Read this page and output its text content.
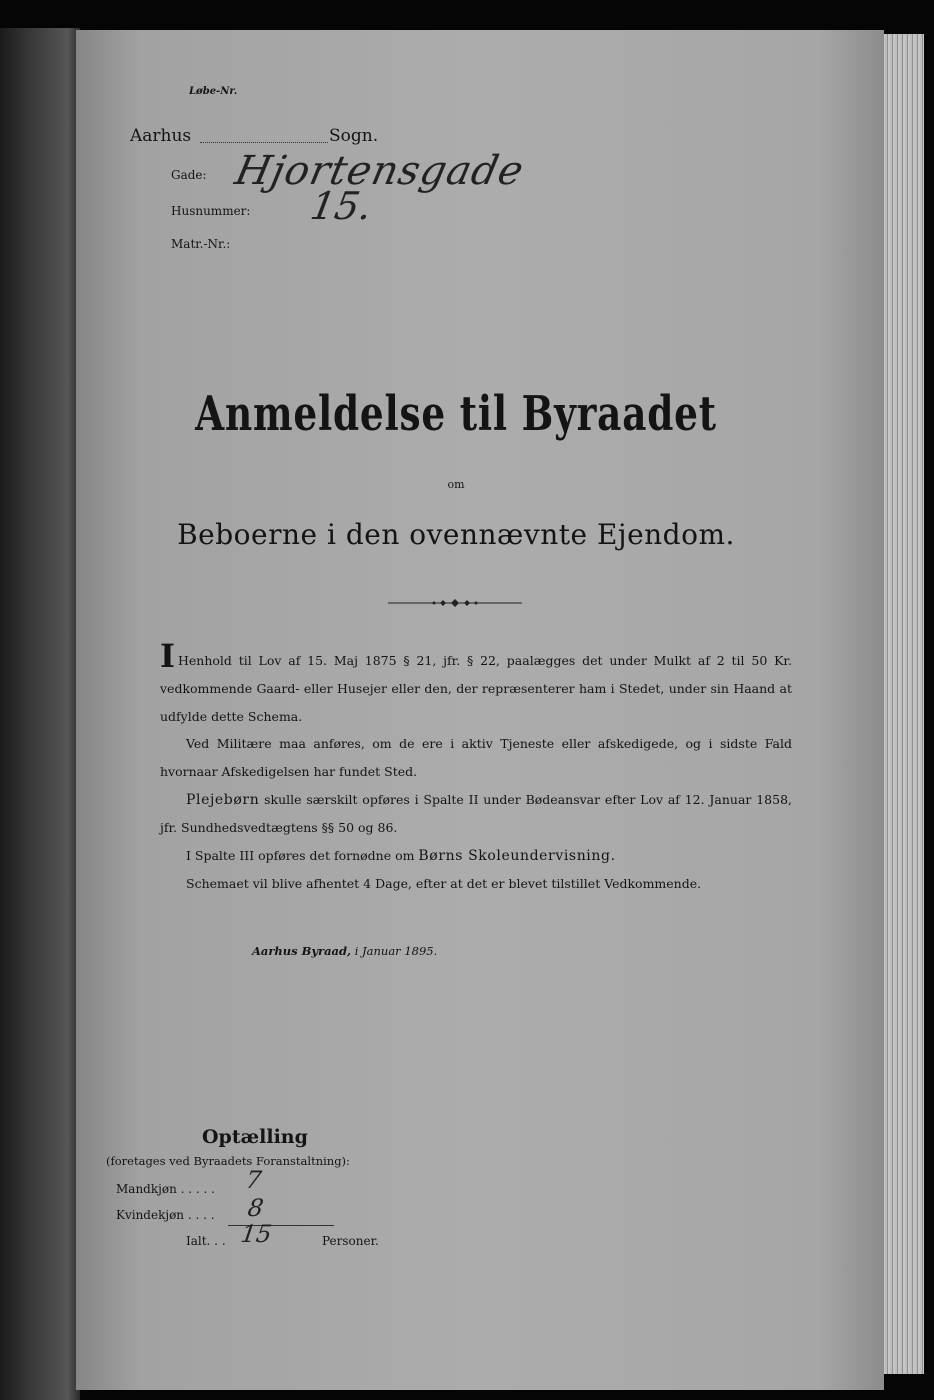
Løbe-Nr.
Aarhus	Sogn.
Gade: Hjortensgade
Husnummer: 15.
Matr.-Nr.:
Anmeldelse til Byraadet
om
Beboerne i den ovennævnte Ejendom.
I Henhold til Lov af 15. Maj 1875 § 21, jfr. § 22, paalægges det under Mulkt af 2 til 50 Kr. vedkommende Gaard- eller Husejer eller den, der repræsenterer ham i Stedet, under sin Haand at udfylde dette Schema.
Ved Militære maa anføres, om de ere i aktiv Tjeneste eller afskedigede, og i sidste Fald hvornaar Afskedigelsen har fundet Sted.
Plejebørn skulle særskilt opføres i Spalte II under Bødeansvar efter Lov af 12. Januar 1858, jfr. Sundhedsvedtægtens §§ 50 og 86.
I Spalte III opføres det fornødne om Børns Skoleundervisning.
Schemaet vil blive afhentet 4 Dage, efter at det er blevet tilstillet Vedkommende.
Aarhus Byraad, i Januar 1895.
Optælling
(foretages ved Byraadets Foranstaltning):
Mandkjøn . . . . . 7
Kvindekjøn . . . . 8
Ialt. . . 15	Personer.
